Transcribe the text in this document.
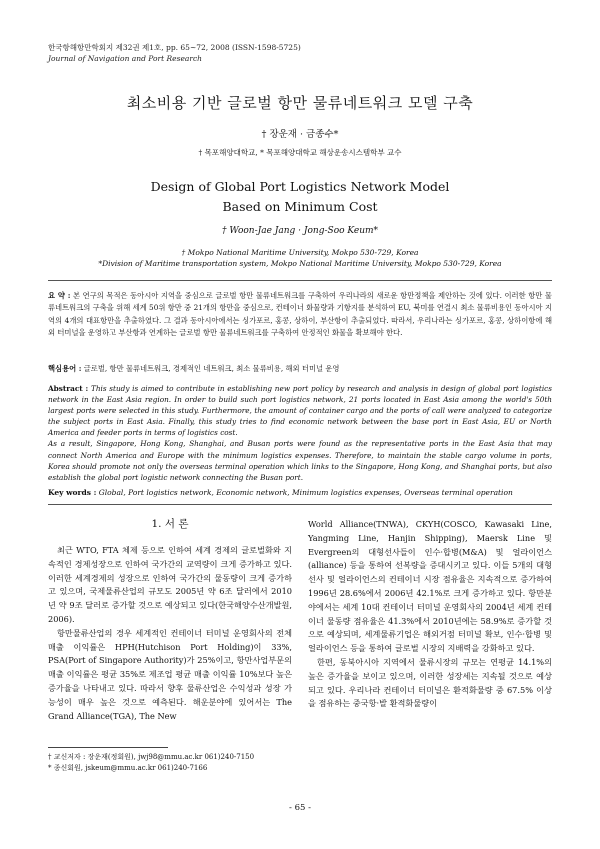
한국항해항만학회지 제32권 제1호, pp. 65~72, 2008 (ISSN-1598-5725)
Journal of Navigation and Port Research
최소비용 기반 글로벌 항만 물류네트워크 모델 구축
† 장운재 · 금종수*
† 목포해양대학교, * 목포해양대학교 해상운송시스템학부 교수
Design of Global Port Logistics Network Model
Based on Minimum Cost
† Woon-Jae Jang · Jong-Soo Keum*
† Mokpo National Maritime University, Mokpo 530-729, Korea
*Division of Maritime transportation system, Mokpo National Maritime University, Mokpo 530-729, Korea
요 약 : 본 연구의 목적은 동아시아 지역을 중심으로 글로벌 항만 물류네트워크를 구축하여 우리나라의 새로운 항만정책을 제안하는 것에 있다. 이러한 항만 물류네트워크의 구축을 위해 세계 50위 항만 중 21개의 항만을 중심으로, 컨테이너 화물량과 기항지를 분석하여 EU, 북미를 연결시 최소 물류비용인 동아시아 지역의 4개의 대표항만을 추출하였다. 그 결과 동아시아에서는 싱가포르, 홍콩, 상하이, 부산항이 추출되었다. 따라서, 우리나라는 싱가포르, 홍콩, 상하이항에 해외 터미널을 운영하고 부산항과 연계하는 글로벌 항만 물류네트워크를 구축하여 안정적인 화물을 확보해야 한다.
핵심용어 : 글로벌, 항만 물류네트워크, 경제적인 네트워크, 최소 물류비용, 해외 터미널 운영

Abstract : This study is aimed to contribute in establishing new port policy by research and analysis in design of global port logistics network in the East Asia region. In order to build such port logistics network, 21 ports located in East Asia among the world's 50th largest ports were selected in this study. Furthermore, the amount of container cargo and the ports of call were analyzed to categorize the subject ports in East Asia. Finally, this study tries to find economic network between the base port in East Asia, EU or North America and feeder ports in terms of logistics cost.

As a result, Singapore, Hong Kong, Shanghai, and Busan ports were found as the representative ports in the East Asia that may connect North America and Europe with the minimum logistics expenses. Therefore, to maintain the stable cargo volume in ports, Korea should promote not only the overseas terminal operation which links to the Singapore, Hong Kong, and Shanghai ports, but also establish the global port logistic network connecting the Busan port.

Key words : Global, Port logistics network, Economic network, Minimum logistics expenses, Overseas terminal operation
1. 서 론

최근 WTO, FTA 체제 등으로 인하여 세계 경제의 글로벌화와 지속적인 경제성장으로 인하여 국가간의 교역량이 크게 증가하고 있다. 이러한 세계경제의 성장으로 인하여 국가간의 물동량이 크게 증가하고 있으며, 국제물류산업의 규모도 2005년 약 6조 달러에서 2010년 약 9조 달러로 증가할 것으로 예상되고 있다(한국해양수산개발원, 2006).

항만물류산업의 경우 세계적인 컨테이너 터미널 운영회사의 전체 매출 이익률은 HPH(Hutchison Port Holding)이 33%, PSA(Port of Singapore Authority)가 25%이고, 항만사업부문의 매출 이익률은 평균 35%로 제조업 평균 매출 이익률 10%보다 높은 증가율을 나타내고 있다. 따라서 향후 물류산업은 수익성과 성장 가능성이 매우 높은 것으로 예측된다. 해운분야에 있어서는 The Grand Alliance(TGA), The New

World Alliance(TNWA), CKYH(COSCO, Kawasaki Line, Yangming Line, Hanjin Shipping), Maersk Line 및 Evergreen의 대형선사들이 인수·합병(M&A) 및 얼라이언스(alliance) 등을 통하여 선복량을 증대시키고 있다. 이들 5개의 대형선사 및 얼라이언스의 컨테이너 시장 점유율은 지속적으로 증가하여 1996년 28.6%에서 2006년 42.1%로 크게 증가하고 있다. 항만분야에서는 세계 10대 컨테이너 터미널 운영회사의 2004년 세계 컨테이너 물동량 점유율은 41.3%에서 2010년에는 58.9%로 증가할 것으로 예상되며, 세계물류기업은 해외거점 터미널 확보, 인수·합병 및 얼라이언스 등을 통하여 글로벌 시장의 지배력을 강화하고 있다.

한편, 동북아시아 지역에서 물류시장의 규모는 연평균 14.1%의 높은 증가율을 보이고 있으며, 이러한 성장세는 지속될 것으로 예상되고 있다. 우리나라 컨테이너 터미널은 환적화물량 중 67.5% 이상을 점유하는 중국항·발 환적화물량이

† 교신저자 : 장운재(정회원), jwj98@mmu.ac.kr 061)240-7150
* 종신회원, jskeum@mmu.ac.kr 061)240-7166
- 65 -
